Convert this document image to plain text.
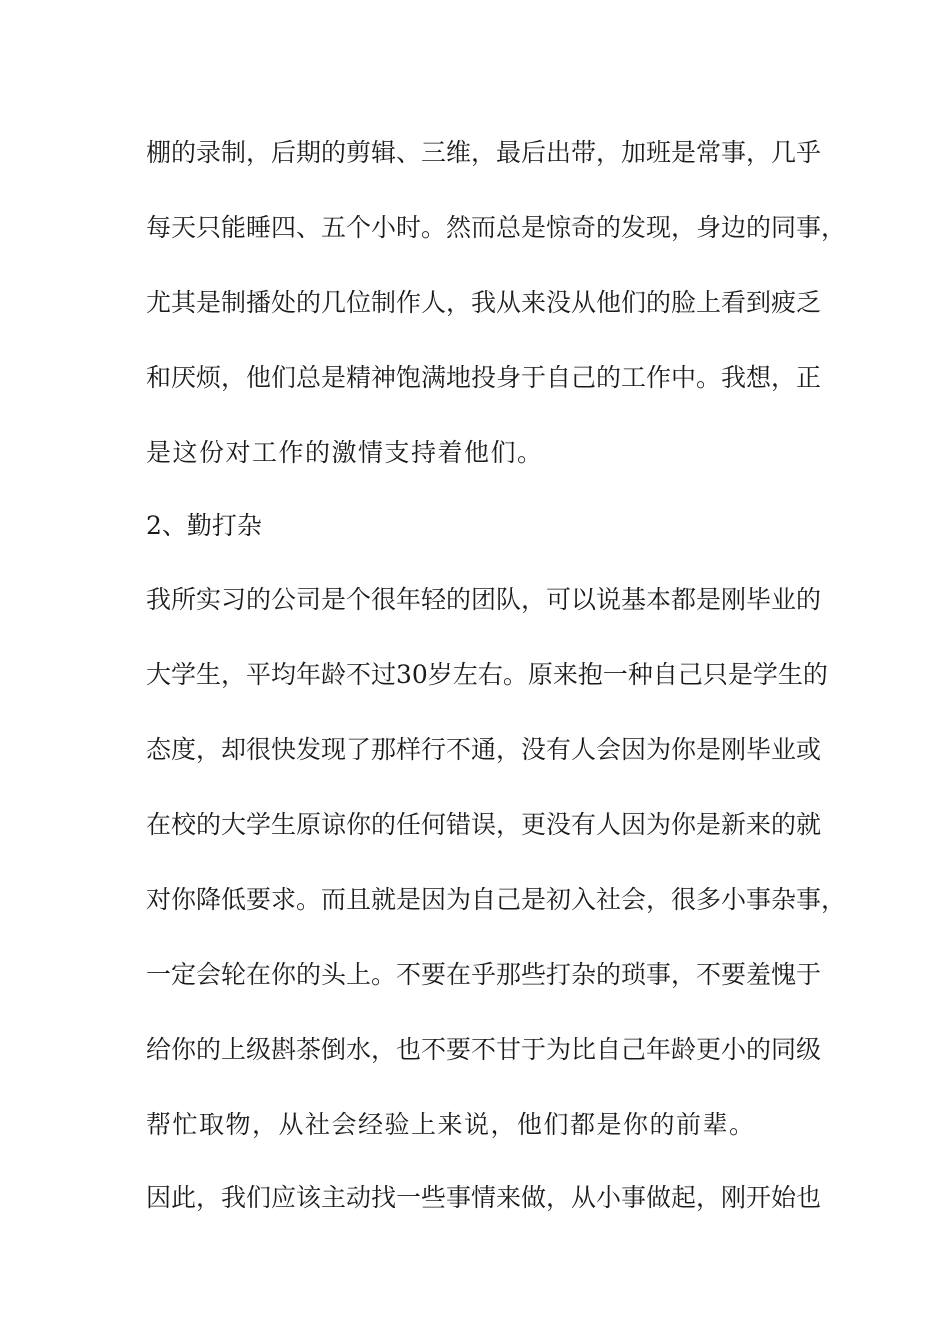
棚的录制，后期的剪辑、三维，最后出带，加班是常事，几乎
每天只能睡四、五个小时。然而总是惊奇的发现，身边的同事，
尤其是制播处的几位制作人，我从来没从他们的脸上看到疲乏
和厌烦，他们总是精神饱满地投身于自己的工作中。我想，正
是这份对工作的激情支持着他们。
2、勤打杂
我所实习的公司是个很年轻的团队，可以说基本都是刚毕业的
大学生，平均年龄不过30岁左右。原来抱一种自己只是学生的
态度，却很快发现了那样行不通，没有人会因为你是刚毕业或
在校的大学生原谅你的任何错误，更没有人因为你是新来的就
对你降低要求。而且就是因为自己是初入社会，很多小事杂事，
一定会轮在你的头上。不要在乎那些打杂的琐事，不要羞愧于
给你的上级斟茶倒水，也不要不甘于为比自己年龄更小的同级
帮忙取物，从社会经验上来说，他们都是你的前辈。
因此，我们应该主动找一些事情来做，从小事做起，刚开始也
